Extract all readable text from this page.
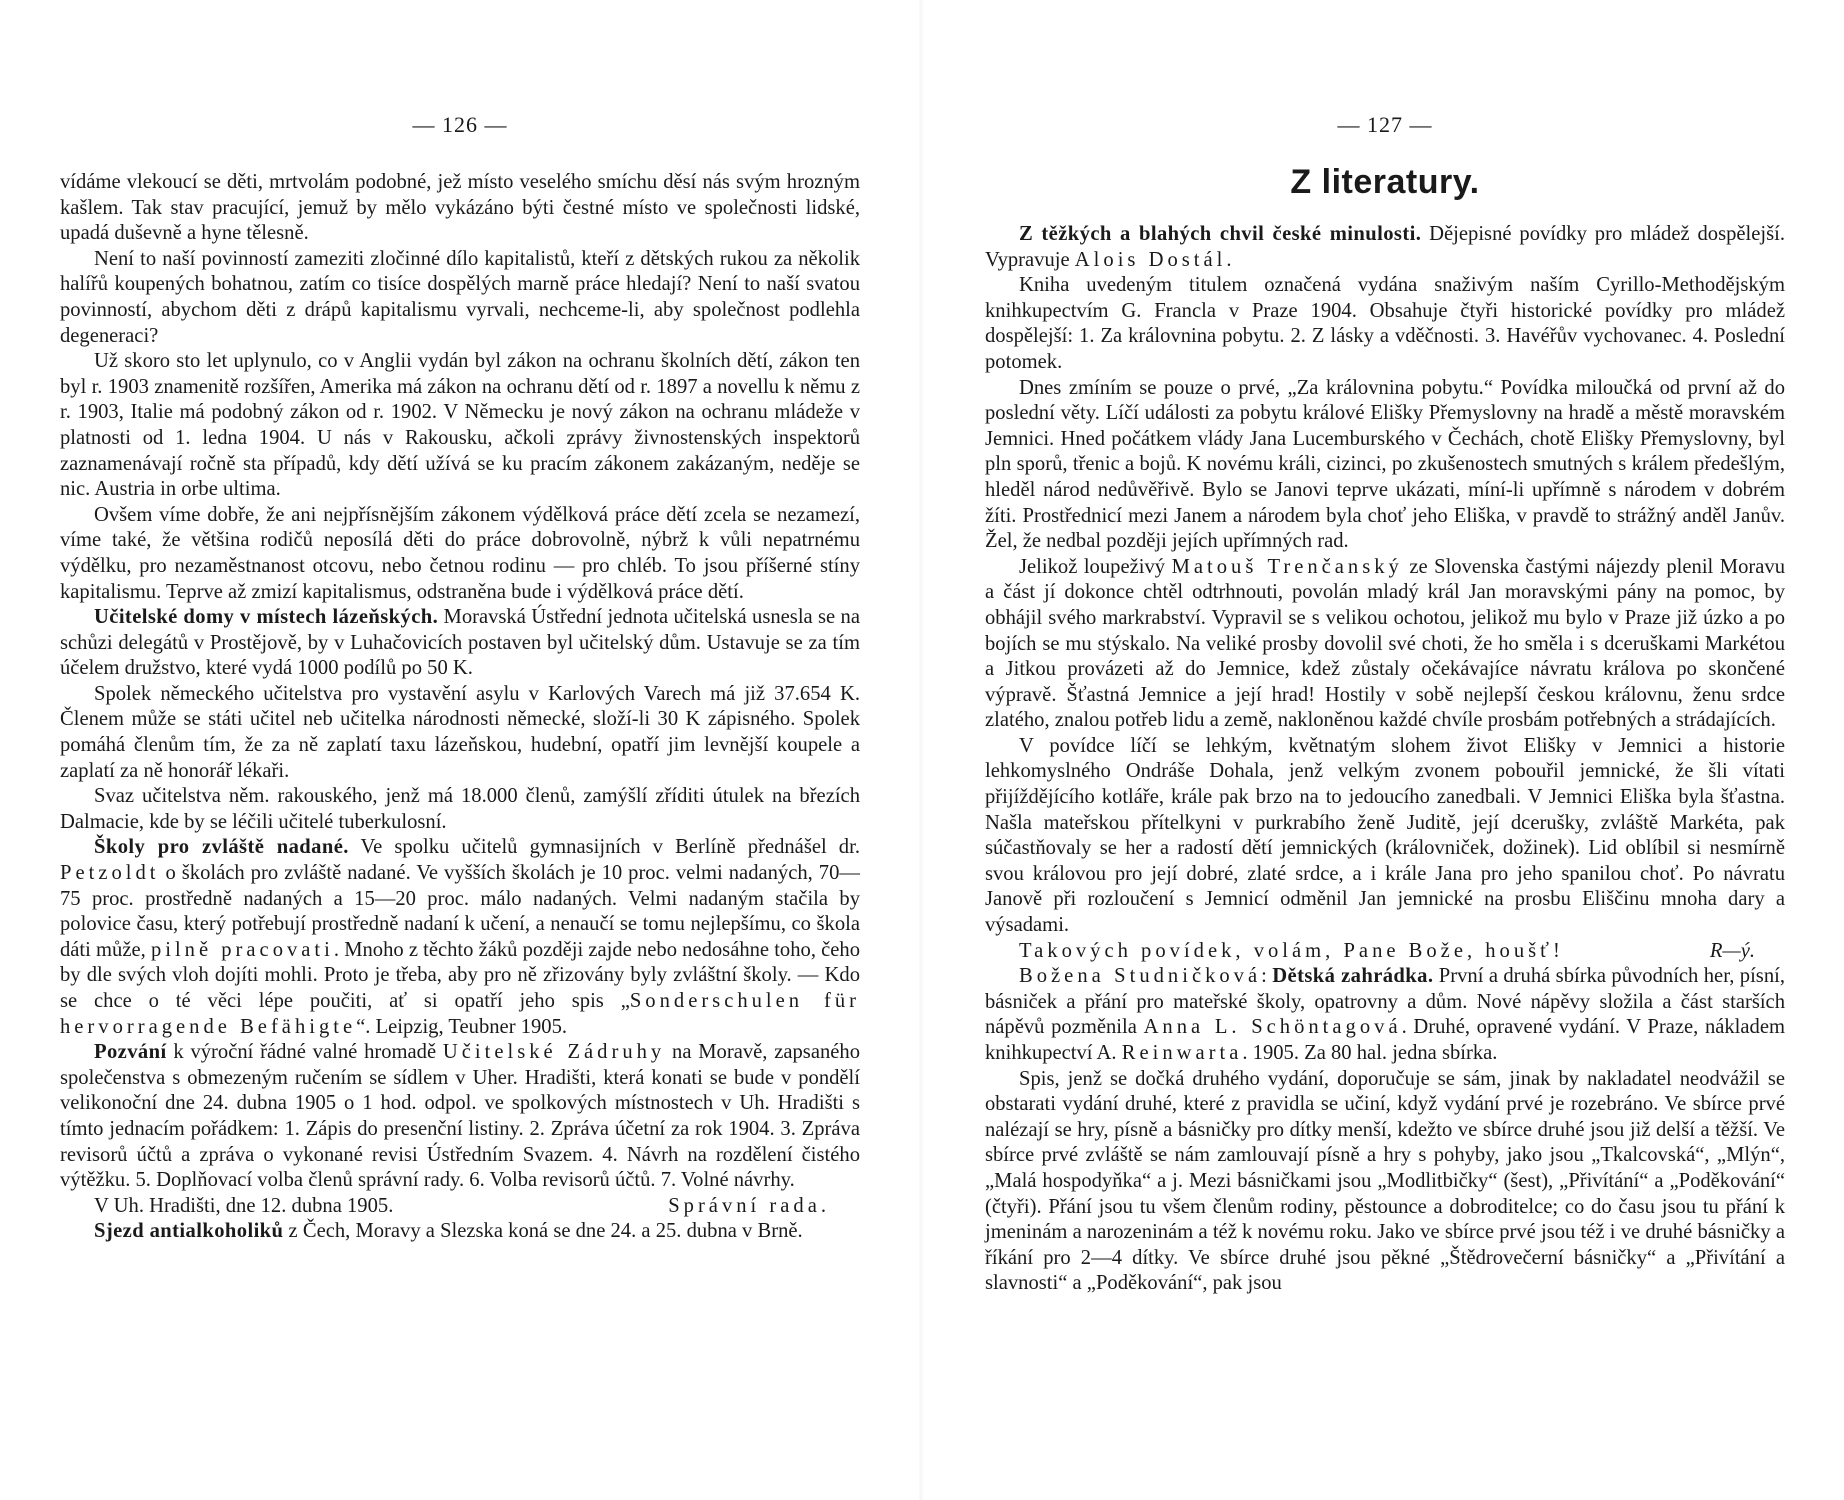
— 126 —

vídáme vlekoucí se děti, mrtvolám podobné, jež místo veselého smíchu děsí nás svým hrozným kašlem. Tak stav pracující, jemuž by mělo vykázáno býti čestné místo ve společnosti lidské, upadá duševně a hyne tělesně.

Není to naší povinností zameziti zločinné dílo kapitalistů, kteří z dětských rukou za několik halířů koupených bohatnou, zatím co tisíce dospělých marně práce hledají? Není to naší svatou povinností, abychom děti z drápů kapitalismu vyrvali, nechceme-li, aby společnost podlehla degeneraci?

Už skoro sto let uplynulo, co v Anglii vydán byl zákon na ochranu školních dětí, zákon ten byl r. 1903 znamenitě rozšířen, Amerika má zákon na ochranu dětí od r. 1897 a novellu k němu z r. 1903, Italie má podobný zákon od r. 1902. V Německu je nový zákon na ochranu mládeže v platnosti od 1. ledna 1904. U nás v Rakousku, ačkoli zprávy živnostenských inspektorů zaznamenávají ročně sta případů, kdy dětí užívá se ku pracím zákonem zakázaným, neděje se nic. Austria in orbe ultima.

Ovšem víme dobře, že ani nejpřísnějším zákonem výdělková práce dětí zcela se nezamezí, víme také, že většina rodičů neposílá děti do práce dobrovolně, nýbrž k vůli nepatrnému výdělku, pro nezaměstnanost otcovu, nebo četnou rodinu — pro chléb. To jsou příšerné stíny kapitalismu. Teprve až zmizí kapitalismus, odstraněna bude i výdělková práce dětí.

Učitelské domy v místech lázeňských. Moravská Ústřední jednota učitelská usnesla se na schůzi delegátů v Prostějově, by v Luhačovicích postaven byl učitelský dům. Ustavuje se za tím účelem družstvo, které vydá 1000 podílů po 50 K.

Spolek německého učitelstva pro vystavění asylu v Karlových Varech má již 37.654 K. Členem může se státi učitel neb učitelka národnosti německé, složí-li 30 K zápisného. Spolek pomáhá členům tím, že za ně zaplatí taxu lázeňskou, hudební, opatří jim levnější koupele a zaplatí za ně honorář lékaři.

Svaz učitelstva něm. rakouského, jenž má 18.000 členů, zamýšlí zříditi útulek na březích Dalmacie, kde by se léčili učitelé tuberkulosní.

Školy pro zvláště nadané. Ve spolku učitelů gymnasijních v Berlíně přednášel dr. Petzoldt o školách pro zvláště nadané. Ve vyšších školách je 10 proc. velmi nadaných, 70—75 proc. prostředně nadaných a 15—20 proc. málo nadaných. Velmi nadaným stačila by polovice času, který potřebují prostředně nadaní k učení, a nenaučí se tomu nejlepšímu, co škola dáti může, pilně pracovati. Mnoho z těchto žáků později zajde nebo nedosáhne toho, čeho by dle svých vloh dojíti mohli. Proto je třeba, aby pro ně zřizovány byly zvláštní školy. — Kdo se chce o té věci lépe poučiti, ať si opatří jeho spis „Sonderschulen für hervorragende Befähigte“. Leipzig, Teubner 1905.

Pozvání k výroční řádné valné hromadě Učitelské Zádruhy na Moravě, zapsaného společenstva s obmezeným ručením se sídlem v Uher. Hradišti, která konati se bude v pondělí velikonoční dne 24. dubna 1905 o 1 hod. odpol. ve spolkových místnostech v Uh. Hradišti s tímto jednacím pořádkem: 1. Zápis do presenční listiny. 2. Zpráva účetní za rok 1904. 3. Zpráva revisorů účtů a zpráva o vykonané revisi Ústředním Svazem. 4. Návrh na rozdělení čistého výtěžku. 5. Doplňovací volba členů správní rady. 6. Volba revisorů účtů. 7. Volné návrhy.

V Uh. Hradišti, dne 12. dubna 1905.	Správní rada.

Sjezd antialkoholiků z Čech, Moravy a Slezska koná se dne 24. a 25. dubna v Brně.

— 127 —
Z literatury.

Z těžkých a blahých chvil české minulosti. Dějepisné povídky pro mládež dospělejší. Vypravuje Alois Dostál.

Kniha uvedeným titulem označená vydána snaživým naším Cyrillo-Methodějským knihkupectvím G. Francla v Praze 1904. Obsahuje čtyři historické povídky pro mládež dospělejší: 1. Za královnina pobytu. 2. Z lásky a vděčnosti. 3. Havéřův vychovanec. 4. Poslední potomek.

Dnes zmíním se pouze o prvé, „Za královnina pobytu.“ Povídka miloučká od první až do poslední věty. Líčí události za pobytu králové Elišky Přemyslovny na hradě a městě moravském Jemnici. Hned počátkem vlády Jana Lucemburského v Čechách, chotě Elišky Přemyslovny, byl pln sporů, třenic a bojů. K novému králi, cizinci, po zkušenostech smutných s králem předešlým, hleděl národ nedůvěřivě. Bylo se Janovi teprve ukázati, míní-li upřímně s národem v dobrém žíti. Prostřednicí mezi Janem a národem byla choť jeho Eliška, v pravdě to strážný anděl Janův. Žel, že nedbal později jejích upřímných rad.

Jelikož loupeživý Matouš Trenčanský ze Slovenska častými nájezdy plenil Moravu a část jí dokonce chtěl odtrhnouti, povolán mladý král Jan moravskými pány na pomoc, by obhájil svého markrabství. Vypravil se s velikou ochotou, jelikož mu bylo v Praze již úzko a po bojích se mu stýskalo. Na veliké prosby dovolil své choti, že ho směla i s dceruškami Markétou a Jitkou provázeti až do Jemnice, kdež zůstaly očekávajíce návratu králova po skončené výpravě. Šťastná Jemnice a její hrad! Hostily v sobě nejlepší českou královnu, ženu srdce zlatého, znalou potřeb lidu a země, nakloněnou každé chvíle prosbám potřebných a strádajících.

V povídce líčí se lehkým, květnatým slohem život Elišky v Jemnici a historie lehkomyslného Ondráše Dohala, jenž velkým zvonem pobouřil jemnické, že šli vítati přijíždějícího kotláře, krále pak brzo na to jedoucího zanedbali. V Jemnici Eliška byla šťastna. Našla mateřskou přítelkyni v purkrabího ženě Juditě, její dcerušky, zvláště Markéta, pak súčastňovaly se her a radostí dětí jemnických (královniček, dožinek). Lid oblíbil si nesmírně svou královou pro její dobré, zlaté srdce, a i krále Jana pro jeho spanilou choť. Po návratu Janově při rozloučení s Jemnicí odměnil Jan jemnické na prosbu Eliščinu mnoha dary a výsadami.

Takových povídek, volám, Pane Bože, houšť!	R—ý.

Božena Studničková: Dětská zahrádka. První a druhá sbírka původních her, písní, básniček a přání pro mateřské školy, opatrovny a dům. Nové nápěvy složila a část starších nápěvů pozměnila Anna L. Schöntagová. Druhé, opravené vydání. V Praze, nákladem knihkupectví A. Reinwarta. 1905. Za 80 hal. jedna sbírka.

Spis, jenž se dočká druhého vydání, doporučuje se sám, jinak by nakladatel neodvážil se obstarati vydání druhé, které z pravidla se učiní, když vydání prvé je rozebráno. Ve sbírce prvé nalézají se hry, písně a básničky pro dítky menší, kdežto ve sbírce druhé jsou již delší a těžší. Ve sbírce prvé zvláště se nám zamlouvají písně a hry s pohyby, jako jsou „Tkalcovská“, „Mlýn“, „Malá hospodyňka“ a j. Mezi básničkami jsou „Modlitbičky“ (šest), „Přivítání“ a „Poděkování“ (čtyři). Přání jsou tu všem členům rodiny, pěstounce a dobroditelce; co do času jsou tu přání k jmeninám a narozeninám a též k novému roku. Jako ve sbírce prvé jsou též i ve druhé básničky a říkání pro 2—4 dítky. Ve sbírce druhé jsou pěkné „Štědrovečerní básničky“ a „Přivítání a slavnosti“ a „Poděkování“, pak jsou
